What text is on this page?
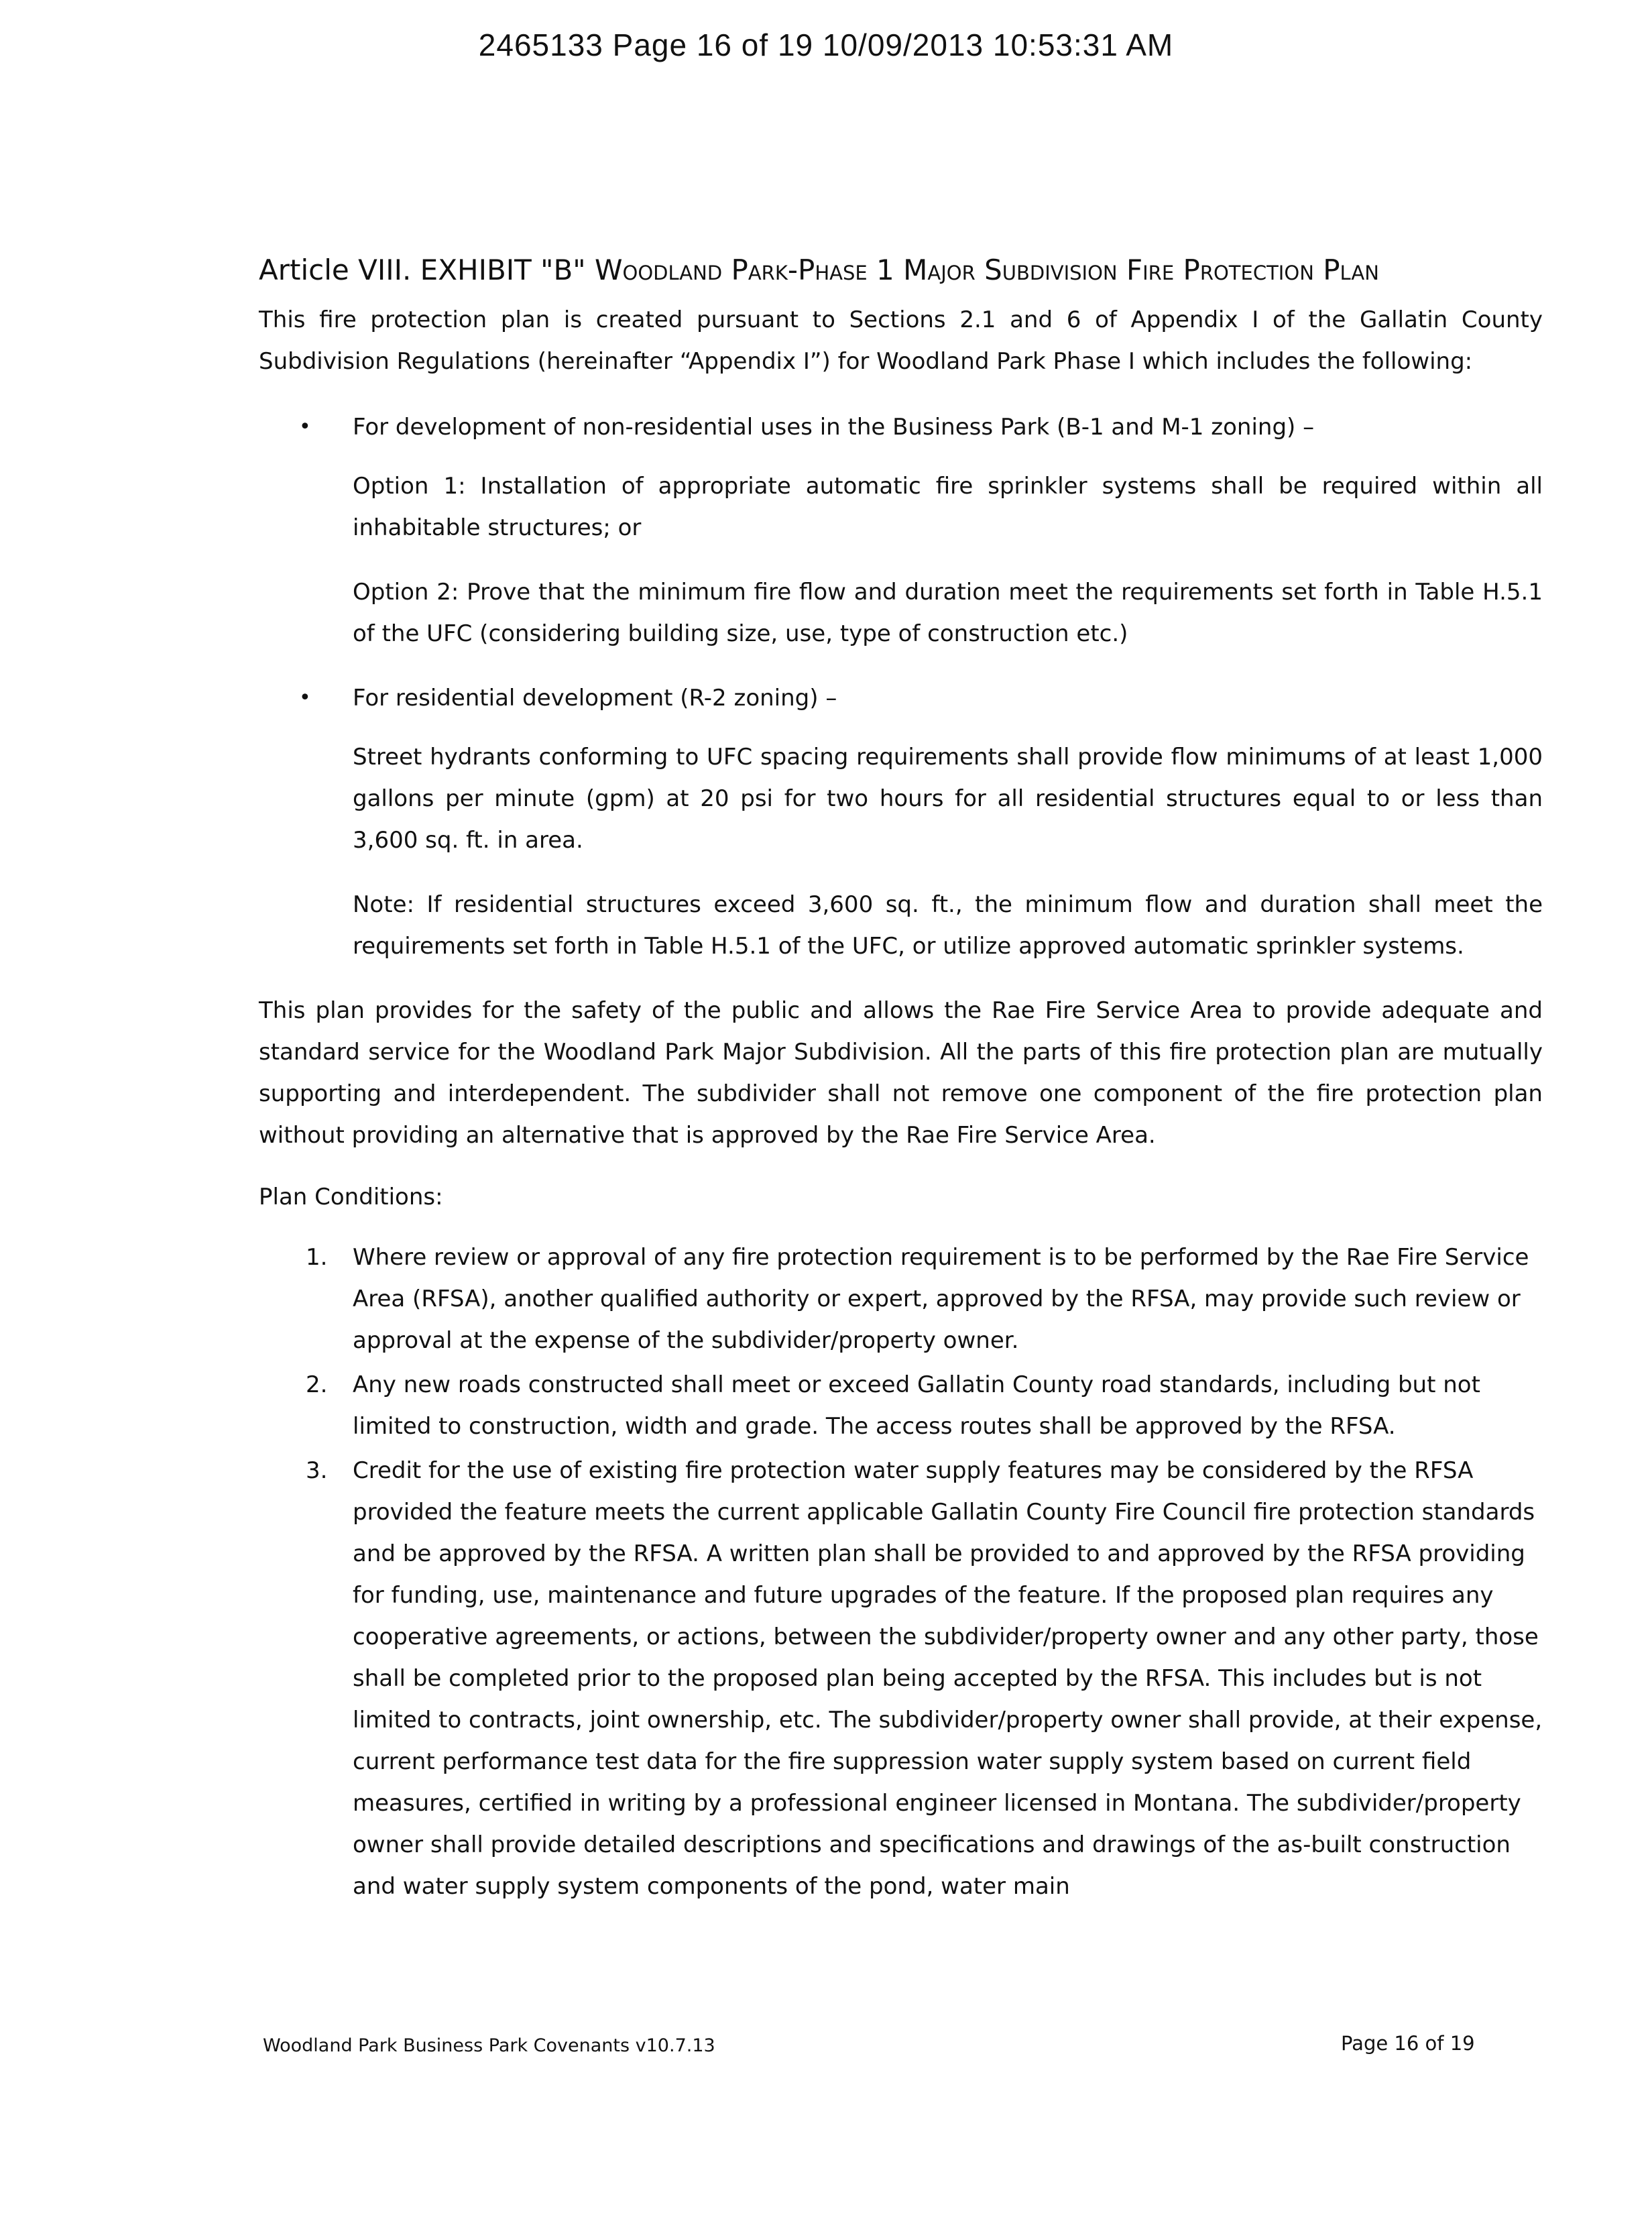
2465133 Page 16 of 19 10/09/2013 10:53:31 AM
Article VIII. EXHIBIT "B" Woodland Park-Phase 1 Major Subdivision Fire Protection Plan

This fire protection plan is created pursuant to Sections 2.1 and 6 of Appendix I of the Gallatin County Subdivision Regulations (hereinafter “Appendix I”) for Woodland Park Phase I which includes the following:

• For development of non-residential uses in the Business Park (B-1 and M-1 zoning) –

Option 1: Installation of appropriate automatic fire sprinkler systems shall be required within all inhabitable structures; or

Option 2: Prove that the minimum fire flow and duration meet the requirements set forth in Table H.5.1 of the UFC (considering building size, use, type of construction etc.)

• For residential development (R-2 zoning) –

Street hydrants conforming to UFC spacing requirements shall provide flow minimums of at least 1,000 gallons per minute (gpm) at 20 psi for two hours for all residential structures equal to or less than 3,600 sq. ft. in area.

Note: If residential structures exceed 3,600 sq. ft., the minimum flow and duration shall meet the requirements set forth in Table H.5.1 of the UFC, or utilize approved automatic sprinkler systems.

This plan provides for the safety of the public and allows the Rae Fire Service Area to provide adequate and standard service for the Woodland Park Major Subdivision. All the parts of this fire protection plan are mutually supporting and interdependent. The subdivider shall not remove one component of the fire protection plan without providing an alternative that is approved by the Rae Fire Service Area.

Plan Conditions:

1. Where review or approval of any fire protection requirement is to be performed by the Rae Fire Service Area (RFSA), another qualified authority or expert, approved by the RFSA, may provide such review or approval at the expense of the subdivider/property owner.
2. Any new roads constructed shall meet or exceed Gallatin County road standards, including but not limited to construction, width and grade. The access routes shall be approved by the RFSA.
3. Credit for the use of existing fire protection water supply features may be considered by the RFSA provided the feature meets the current applicable Gallatin County Fire Council fire protection standards and be approved by the RFSA. A written plan shall be provided to and approved by the RFSA providing for funding, use, maintenance and future upgrades of the feature. If the proposed plan requires any cooperative agreements, or actions, between the subdivider/property owner and any other party, those shall be completed prior to the proposed plan being accepted by the RFSA. This includes but is not limited to contracts, joint ownership, etc. The subdivider/property owner shall provide, at their expense, current performance test data for the fire suppression water supply system based on current field measures, certified in writing by a professional engineer licensed in Montana. The subdivider/property owner shall provide detailed descriptions and specifications and drawings of the as-built construction and water supply system components of the pond, water main
Woodland Park Business Park Covenants v10.7.13	Page 16 of 19
